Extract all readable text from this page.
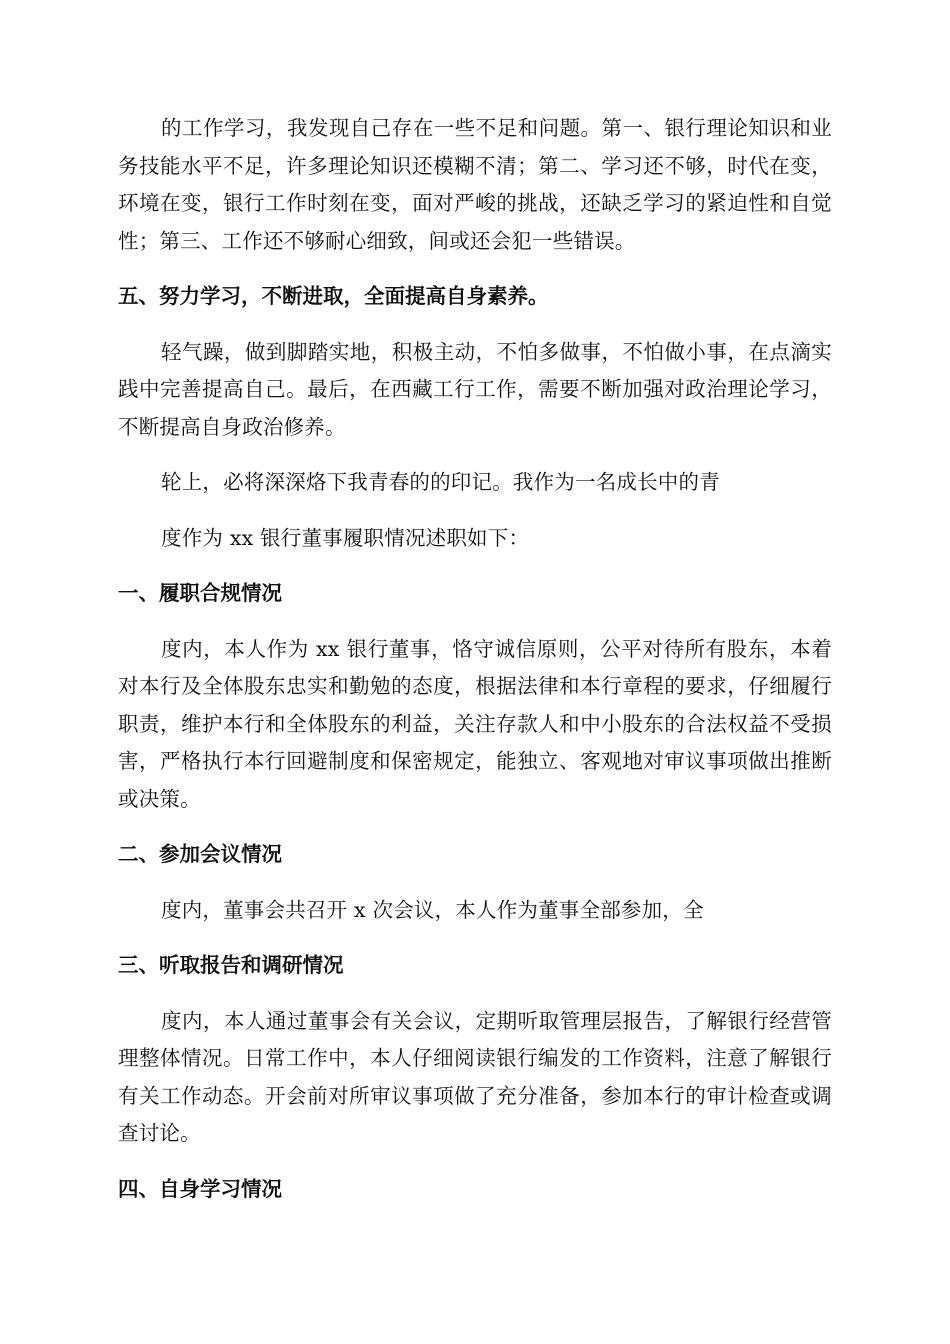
的工作学习，我发现自己存在一些不足和问题。第一、银行理论知识和业务技能水平不足，许多理论知识还模糊不清；第二、学习还不够，时代在变，环境在变，银行工作时刻在变，面对严峻的挑战，还缺乏学习的紧迫性和自觉性；第三、工作还不够耐心细致，间或还会犯一些错误。

五、努力学习，不断进取，全面提高自身素养。

轻气躁，做到脚踏实地，积极主动，不怕多做事，不怕做小事，在点滴实践中完善提高自己。最后，在西藏工行工作，需要不断加强对政治理论学习，不断提高自身政治修养。

轮上，必将深深烙下我青春的的印记。我作为一名成长中的青

度作为 xx 银行董事履职情况述职如下：

一、履职合规情况

度内，本人作为 xx 银行董事，恪守诚信原则，公平对待所有股东，本着对本行及全体股东忠实和勤勉的态度，根据法律和本行章程的要求，仔细履行职责，维护本行和全体股东的利益，关注存款人和中小股东的合法权益不受损害，严格执行本行回避制度和保密规定，能独立、客观地对审议事项做出推断或决策。

二、参加会议情况

度内，董事会共召开 x 次会议，本人作为董事全部参加，全

三、听取报告和调研情况

度内，本人通过董事会有关会议，定期听取管理层报告，了解银行经营管理整体情况。日常工作中，本人仔细阅读银行编发的工作资料，注意了解银行有关工作动态。开会前对所审议事项做了充分准备，参加本行的审计检查或调查讨论。

四、自身学习情况
